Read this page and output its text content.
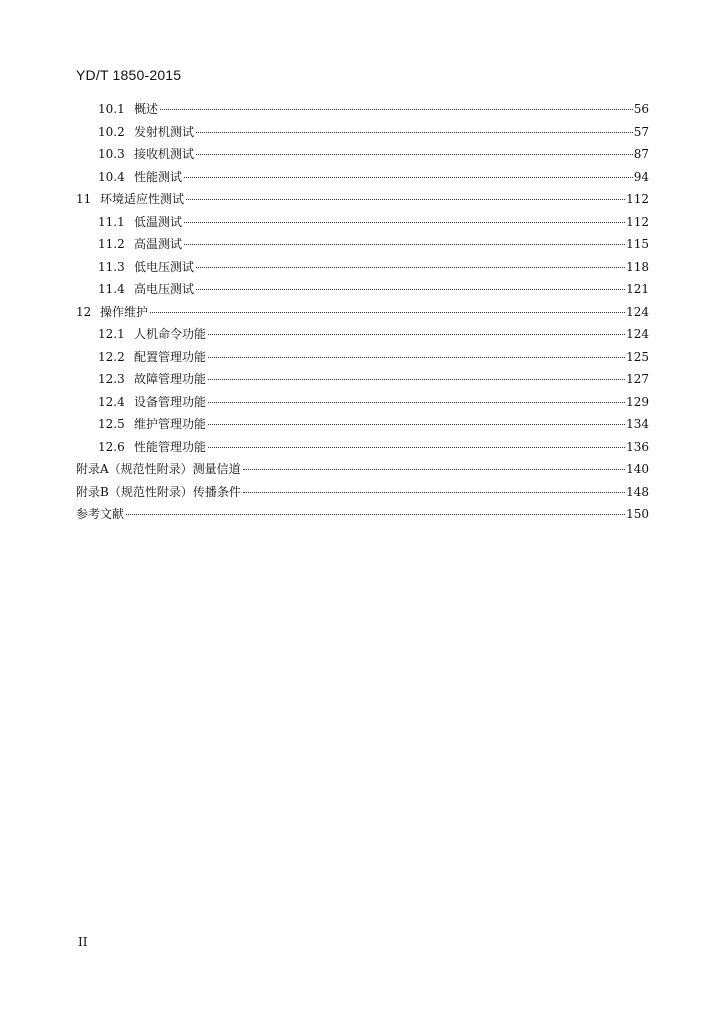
YD/T 1850-2015
10.1 概述	56
10.2 发射机测试	57
10.3 接收机测试	87
10.4 性能测试	94
11 环境适应性测试	112
11.1 低温测试	112
11.2 高温测试	115
11.3 低电压测试	118
11.4 高电压测试	121
12 操作维护	124
12.1 人机命令功能	124
12.2 配置管理功能	125
12.3 故障管理功能	127
12.4 设备管理功能	129
12.5 维护管理功能	134
12.6 性能管理功能	136
附录A（规范性附录）测量信道	140
附录B（规范性附录）传播条件	148
参考文献	150
II
